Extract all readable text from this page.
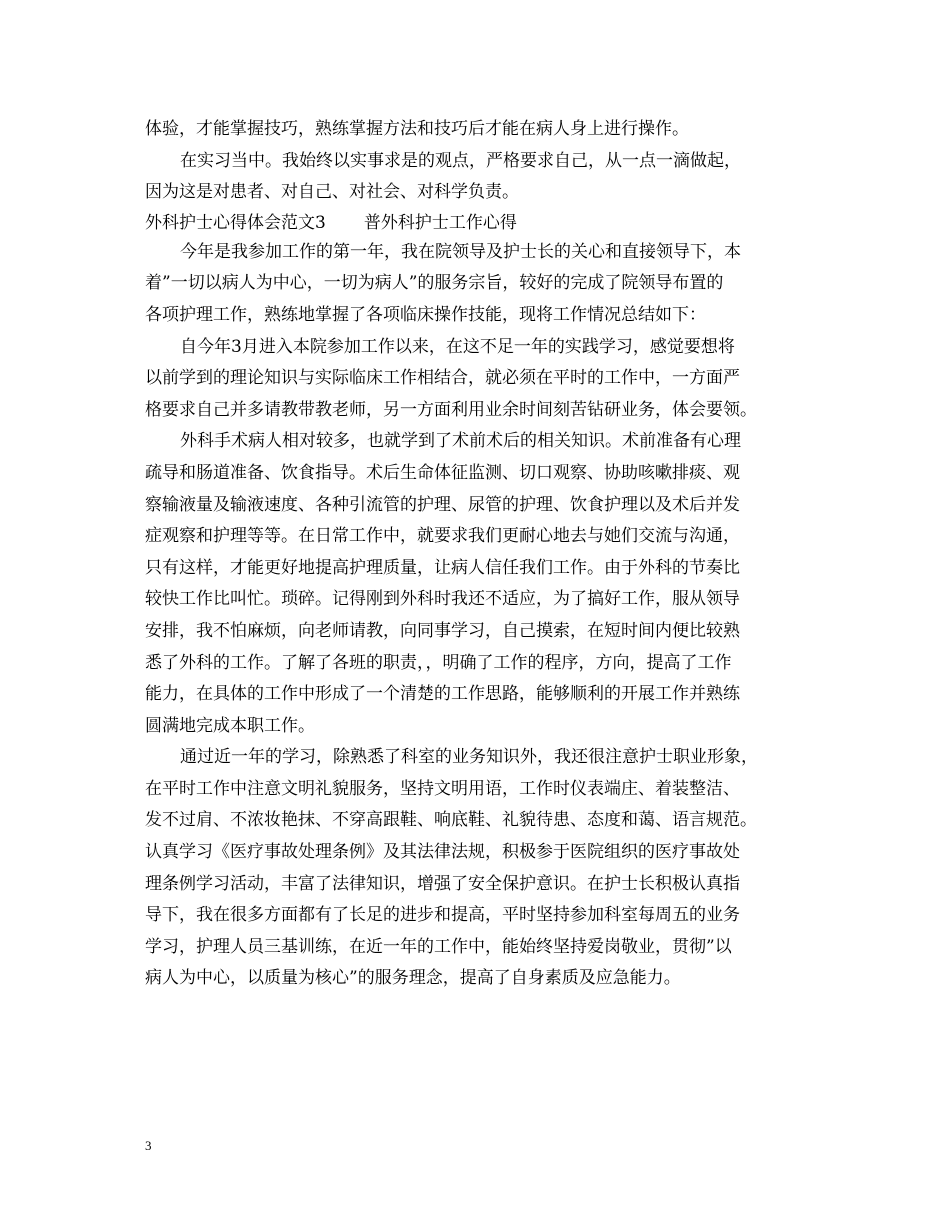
体验，才能掌握技巧，熟练掌握方法和技巧后才能在病人身上进行操作。
在实习当中。我始终以实事求是的观点，严格要求自己，从一点一滴做起，
因为这是对患者、对自己、对社会、对科学负责。
外科护士心得体会范文3 普外科护士工作心得
今年是我参加工作的第一年，我在院领导及护士长的关心和直接领导下，本
着”一切以病人为中心，一切为病人”的服务宗旨，较好的完成了院领导布置的
各项护理工作，熟练地掌握了各项临床操作技能，现将工作情况总结如下：
自今年3月进入本院参加工作以来，在这不足一年的实践学习，感觉要想将
以前学到的理论知识与实际临床工作相结合，就必须在平时的工作中，一方面严
格要求自己并多请教带教老师，另一方面利用业余时间刻苦钻研业务，体会要领。
外科手术病人相对较多，也就学到了术前术后的相关知识。术前准备有心理
疏导和肠道准备、饮食指导。术后生命体征监测、切口观察、协助咳嗽排痰、观
察输液量及输液速度、各种引流管的护理、尿管的护理、饮食护理以及术后并发
症观察和护理等等。在日常工作中，就要求我们更耐心地去与她们交流与沟通，
只有这样，才能更好地提高护理质量，让病人信任我们工作。由于外科的节奏比
较快工作比叫忙。琐碎。记得刚到外科时我还不适应，为了搞好工作，服从领导
安排，我不怕麻烦，向老师请教，向同事学习，自己摸索，在短时间内便比较熟
悉了外科的工作。了解了各班的职责，，明确了工作的程序，方向，提高了工作
能力，在具体的工作中形成了一个清楚的工作思路，能够顺利的开展工作并熟练
圆满地完成本职工作。
通过近一年的学习，除熟悉了科室的业务知识外，我还很注意护士职业形象，
在平时工作中注意文明礼貌服务，坚持文明用语，工作时仪表端庄、着装整洁、
发不过肩、不浓妆艳抹、不穿高跟鞋、响底鞋、礼貌待患、态度和蔼、语言规范。
认真学习《医疗事故处理条例》及其法律法规，积极参于医院组织的医疗事故处
理条例学习活动，丰富了法律知识，增强了安全保护意识。在护士长积极认真指
导下，我在很多方面都有了长足的进步和提高，平时坚持参加科室每周五的业务
学习，护理人员三基训练，在近一年的工作中，能始终坚持爱岗敬业，贯彻”以
病人为中心，以质量为核心”的服务理念，提高了自身素质及应急能力。
3
